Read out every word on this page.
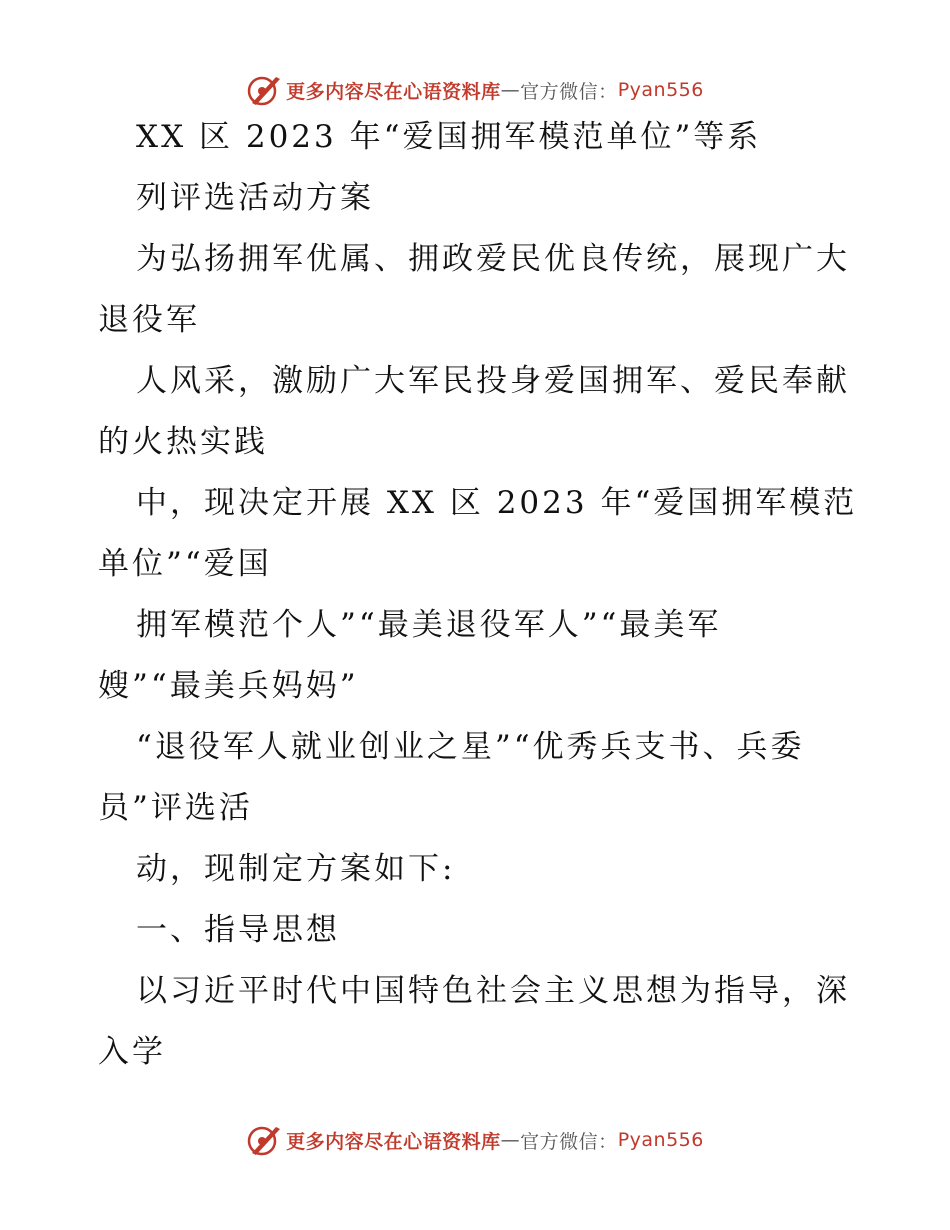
更多内容尽在心语资料库 — 官方微信： Pyan556
XX 区 2023 年“爱国拥军模范单位”等系
列评选活动方案
为弘扬拥军优属、拥政爱民优良传统，展现广大
退役军
人风采，激励广大军民投身爱国拥军、爱民奉献
的火热实践
中，现决定开展 XX 区 2023 年“爱国拥军模范
单位”“爱国
拥军模范个人”“最美退役军人”“最美军
嫂”“最美兵妈妈”
“退役军人就业创业之星”“优秀兵支书、兵委
员”评选活
动，现制定方案如下:
一、指导思想
以习近平时代中国特色社会主义思想为指导，深
入学
更多内容尽在心语资料库 — 官方微信： Pyan556
